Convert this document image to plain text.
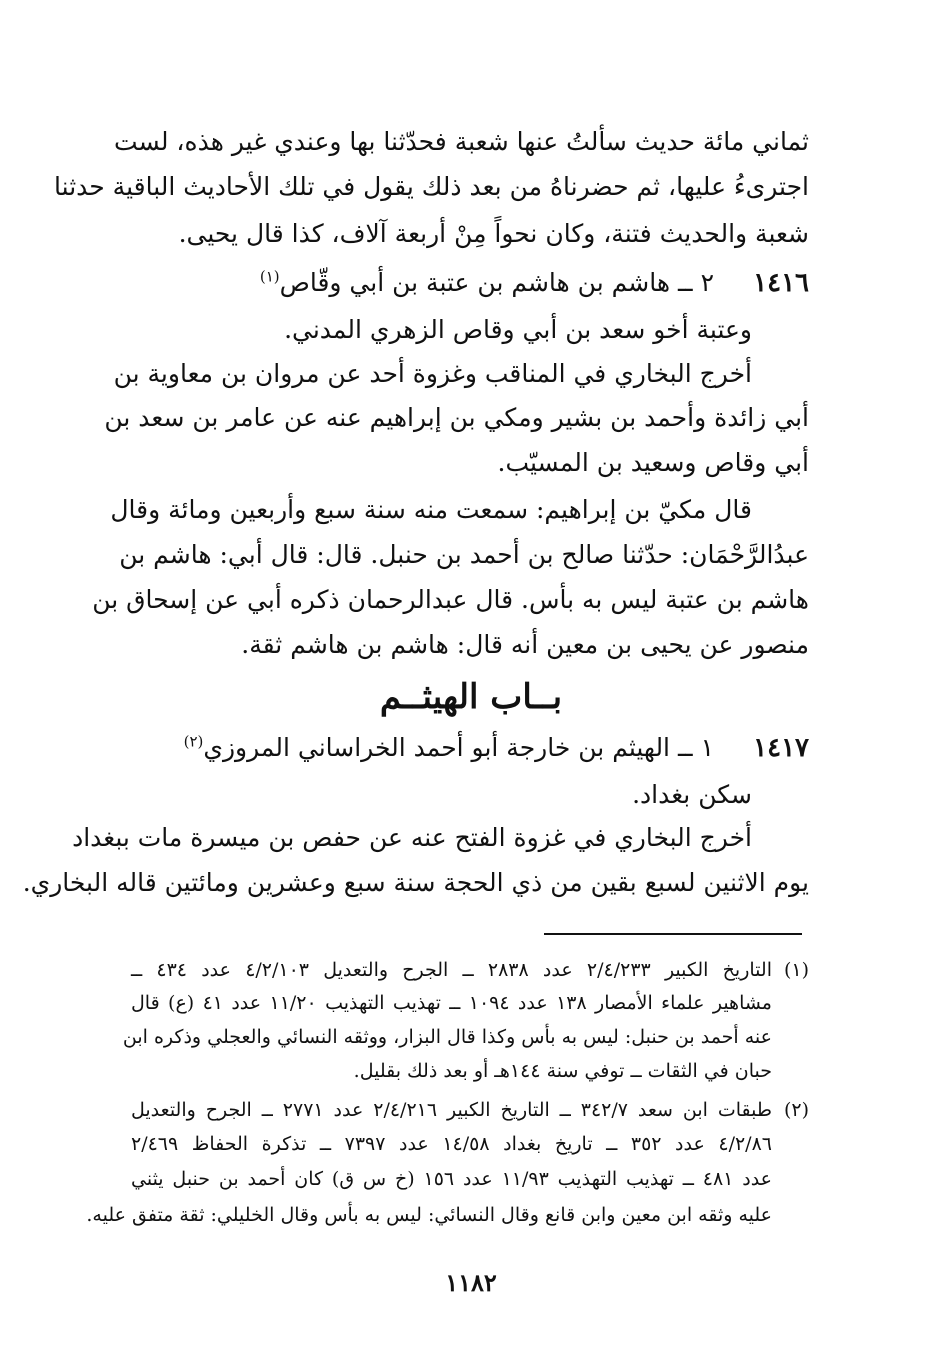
ثماني مائة حديث سألتُ عنها شعبة فحدّثنا بها وعندي غير هذه، لست
اجترىءُ عليها، ثم حضرناهُ من بعد ذلك يقول في تلك الأحاديث الباقية حدثنا
شعبة والحديث فتنة، وكان نحواً مِنْ أربعة آلاف، كذا قال يحيى.
١٤١٦
٢ ــ هاشم بن هاشم بن عتبة بن أبي وقّاص$^{(١)}$
وعتبة أخو سعد بن أبي وقاص الزهري المدني.
أخرج البخاري في المناقب وغزوة أحد عن مروان بن معاوية بن
أبي زائدة وأحمد بن بشير ومكي بن إبراهيم عنه عن عامر بن سعد بن
أبي وقاص وسعيد بن المسيّب.
قال مكيّ بن إبراهيم: سمعت منه سنة سبع وأربعين ومائة وقال
عبدُالرَّحْمَان: حدّثنا صالح بن أحمد بن حنبل. قال: قال أبي: هاشم بن
هاشم بن عتبة ليس به بأس. قال عبدالرحمان ذكره أبي عن إسحاق بن
منصور عن يحيى بن معين أنه قال: هاشم بن هاشم ثقة.
بــاب الهيثــم
١٤١٧
١ ــ الهيثم بن خارجة أبو أحمد الخراساني المروزي$^{(٢)}$
سكن بغداد.
أخرج البخاري في غزوة الفتح عنه عن حفص بن ميسرة مات ببغداد
يوم الاثنين لسبع بقين من ذي الحجة سنة سبع وعشرين ومائتين قاله البخاري.
(١)
التاريخ الكبير ٢/٤/٢٣٣ عدد ٢٨٣٨ ــ الجرح والتعديل ٤/٢/١٠٣ عدد ٤٣٤ ــ
مشاهير علماء الأمصار ١٣٨ عدد ١٠٩٤ ــ تهذيب التهذيب ١١/٢٠ عدد ٤١ (ع) قال
عنه أحمد بن حنبل: ليس به بأس وكذا قال البزار، ووثقه النسائي والعجلي وذكره ابن
حبان في الثقات ــ توفي سنة ١٤٤هـ أو بعد ذلك بقليل.
(٢)
طبقات ابن سعد ٣٤٢/٧ ــ التاريخ الكبير ٢/٤/٢١٦ عدد ٢٧٧١ ــ الجرح والتعديل
٤/٢/٨٦ عدد ٣٥٢ ــ تاريخ بغداد ١٤/٥٨ عدد ٧٣٩٧ ــ تذكرة الحفاظ ٢/٤٦٩
عدد ٤٨١ ــ تهذيب التهذيب ١١/٩٣ عدد ١٥٦ (خ س ق) كان أحمد بن حنبل يثني
عليه وثقه ابن معين وابن قانع وقال النسائي: ليس به بأس وقال الخليلي: ثقة متفق عليه.
١١٨٢
